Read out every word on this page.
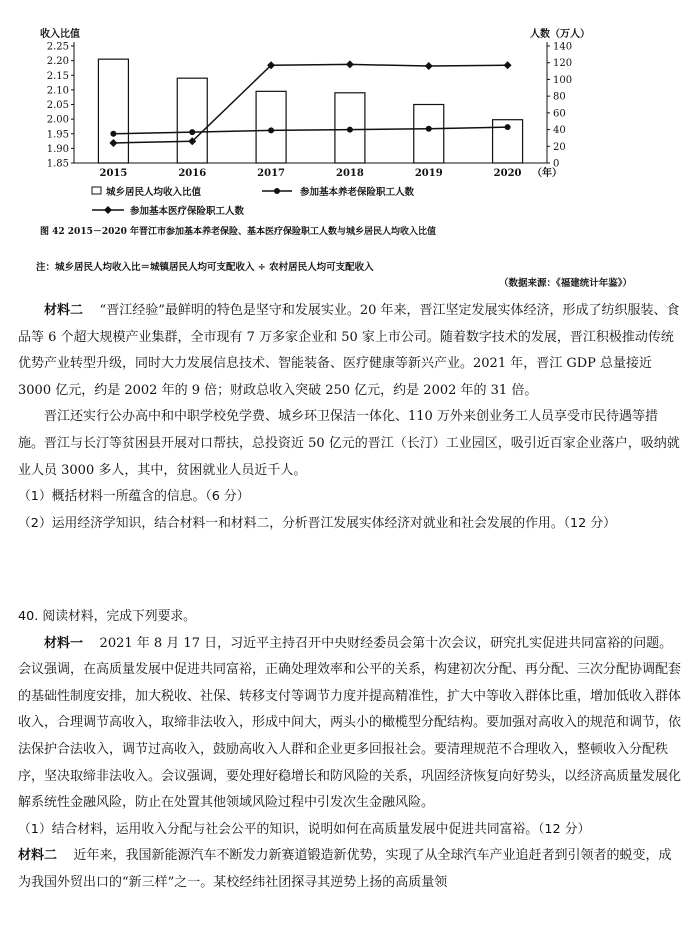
收入比值	人数（万人）
1.85
1.90
1.95
2.00
2.05
2.10
2.15
2.20
2.25
0
20
40
60
80
100
120
140
2015	2016	2017	2018	2019	2020 （年）
城乡居民人均收入比值	参加基本养老保险职工人数
参加基本医疗保险职工人数
图 42 2015－2020 年晋江市参加基本养老保险、基本医疗保险职工人数与城乡居民人均收入比值
注：城乡居民人均收入比＝城镇居民人均可支配收入 ÷ 农村居民人均可支配收入
（数据来源：《福建统计年鉴》）

材料二 “晋江经验”最鲜明的特色是坚守和发展实业。20 年来，晋江坚定发展实体经济，形成了纺织服装、食品等 6 个超大规模产业集群，全市现有 7 万多家企业和 50 家上市公司。随着数字技术的发展，晋江积极推动传统优势产业转型升级，同时大力发展信息技术、智能装备、医疗健康等新兴产业。2021 年，晋江 GDP 总量接近 3000 亿元，约是 2002 年的 9 倍；财政总收入突破 250 亿元，约是 2002 年的 31 倍。

晋江还实行公办高中和中职学校免学费、城乡环卫保洁一体化、110 万外来创业务工人员享受市民待遇等措施。晋江与长汀等贫困县开展对口帮扶，总投资近 50 亿元的晋江（长汀）工业园区，吸引近百家企业落户，吸纳就业人员 3000 多人，其中，贫困就业人员近千人。

（1）概括材料一所蕴含的信息。（6 分）

（2）运用经济学知识，结合材料一和材料二，分析晋江发展实体经济对就业和社会发展的作用。（12 分）

40. 阅读材料，完成下列要求。

材料一 2021 年 8 月 17 日，习近平主持召开中央财经委员会第十次会议，研究扎实促进共同富裕的问题。会议强调，在高质量发展中促进共同富裕，正确处理效率和公平的关系，构建初次分配、再分配、三次分配协调配套的基础性制度安排，加大税收、社保、转移支付等调节力度并提高精准性，扩大中等收入群体比重，增加低收入群体收入，合理调节高收入，取缔非法收入，形成中间大，两头小的橄榄型分配结构。要加强对高收入的规范和调节，依法保护合法收入，调节过高收入，鼓励高收入人群和企业更多回报社会。要清理规范不合理收入，整顿收入分配秩序，坚决取缔非法收入。会议强调，要处理好稳增长和防风险的关系，巩固经济恢复向好势头，以经济高质量发展化解系统性金融风险，防止在处置其他领域风险过程中引发次生金融风险。

（1）结合材料，运用收入分配与社会公平的知识，说明如何在高质量发展中促进共同富裕。（12 分）

材料二 近年来，我国新能源汽车不断发力新赛道锻造新优势，实现了从全球汽车产业追赶者到引领者的蜕变，成为我国外贸出口的“新三样”之一。某校经纬社团探寻其逆势上扬的高质量领
